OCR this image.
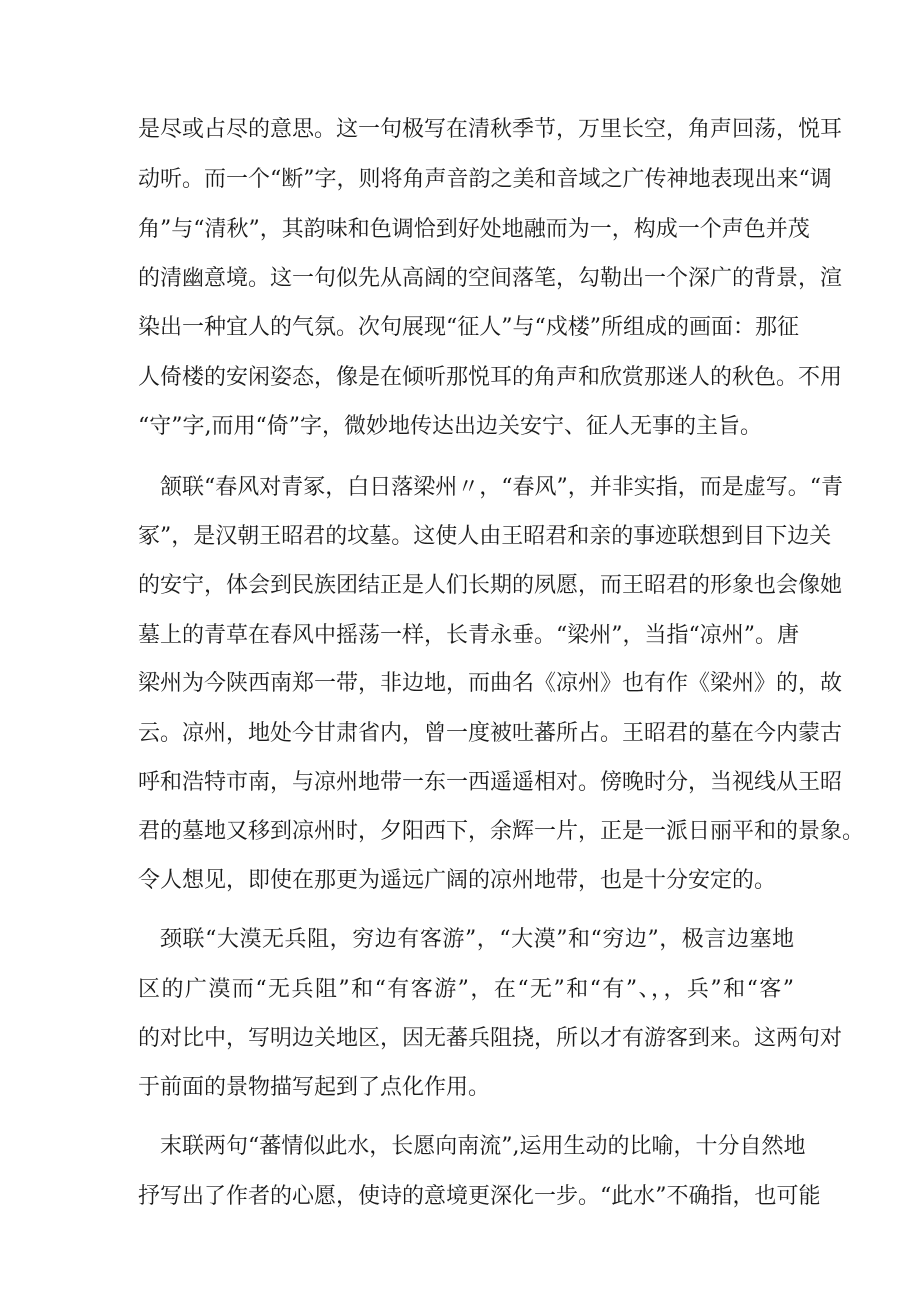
是尽或占尽的意思。这一句极写在清秋季节，万里长空，角声回荡，悦耳
动听。而一个“断”字，则将角声音韵之美和音域之广传神地表现出来“调
角”与“清秋”，其韵味和色调恰到好处地融而为一，构成一个声色并茂
的清幽意境。这一句似先从高阔的空间落笔，勾勒出一个深广的背景，渲
染出一种宜人的气氛。次句展现“征人”与“戍楼”所组成的画面：那征
人倚楼的安闲姿态，像是在倾听那悦耳的角声和欣赏那迷人的秋色。不用
“守”字,而用“倚”字，微妙地传达出边关安宁、征人无事的主旨。
颔联“春风对青冢，白日落梁州〃，“春风”，并非实指，而是虚写。“青
冢”，是汉朝王昭君的坟墓。这使人由王昭君和亲的事迹联想到目下边关
的安宁，体会到民族团结正是人们长期的夙愿，而王昭君的形象也会像她
墓上的青草在春风中摇荡一样，长青永垂。“梁州”，当指“凉州”。唐
梁州为今陕西南郑一带，非边地，而曲名《凉州》也有作《梁州》的，故
云。凉州，地处今甘肃省内，曾一度被吐蕃所占。王昭君的墓在今内蒙古
呼和浩特市南，与凉州地带一东一西遥遥相对。傍晚时分，当视线从王昭
君的墓地又移到凉州时，夕阳西下，余辉一片，正是一派日丽平和的景象。
令人想见，即使在那更为遥远广阔的凉州地带，也是十分安定的。
颈联“大漠无兵阻，穷边有客游”，“大漠”和“穷边”，极言边塞地
区的广漠而“无兵阻”和“有客游”，在“无”和“有”、，，兵”和“客”
的对比中，写明边关地区，因无蕃兵阻挠，所以才有游客到来。这两句对
于前面的景物描写起到了点化作用。
末联两句“蕃情似此水，长愿向南流”,运用生动的比喻，十分自然地
抒写出了作者的心愿，使诗的意境更深化一步。“此水”不确指，也可能
